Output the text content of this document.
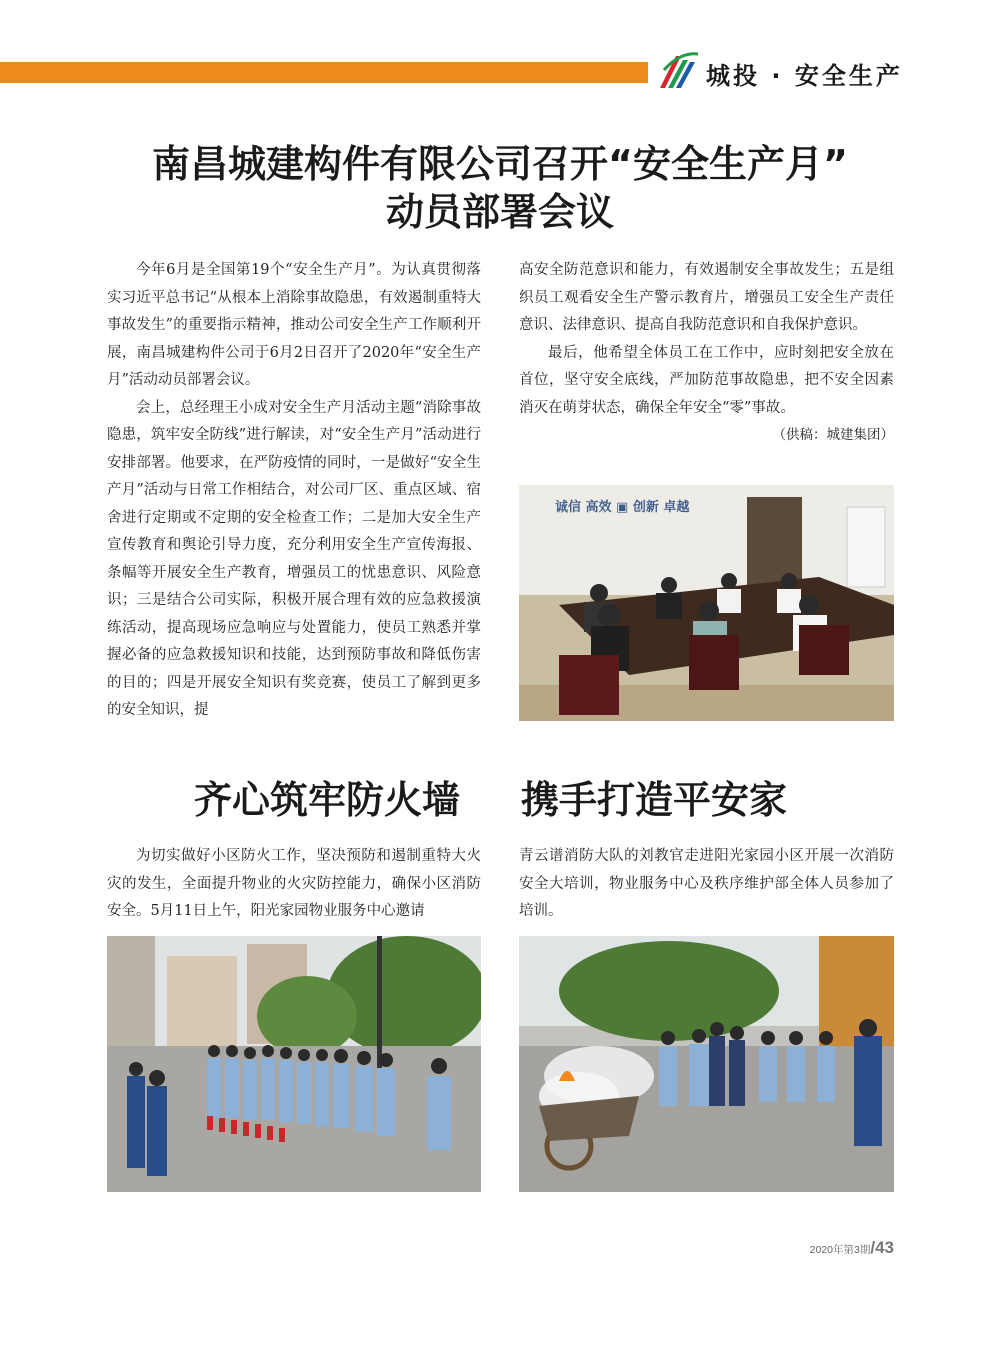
城投 · 安全生产
南昌城建构件有限公司召开“安全生产月”
动员部署会议

今年6月是全国第19个“安全生产月”。为认真贯彻落实习近平总书记“从根本上消除事故隐患，有效遏制重特大事故发生”的重要指示精神，推动公司安全生产工作顺利开展，南昌城建构件公司于6月2日召开了2020年“安全生产月”活动动员部署会议。

会上，总经理王小成对安全生产月活动主题“消除事故隐患，筑牢安全防线”进行解读，对“安全生产月”活动进行安排部署。他要求，在严防疫情的同时，一是做好“安全生产月”活动与日常工作相结合，对公司厂区、重点区域、宿舍进行定期或不定期的安全检查工作；二是加大安全生产宣传教育和舆论引导力度，充分利用安全生产宣传海报、条幅等开展安全生产教育，增强员工的忧患意识、风险意识；三是结合公司实际，积极开展合理有效的应急救援演练活动，提高现场应急响应与处置能力，使员工熟悉并掌握必备的应急救援知识和技能，达到预防事故和降低伤害的目的；四是开展安全知识有奖竞赛，使员工了解到更多的安全知识，提

高安全防范意识和能力，有效遏制安全事故发生；五是组织员工观看安全生产警示教育片，增强员工安全生产责任意识、法律意识、提高自我防范意识和自我保护意识。

最后，他希望全体员工在工作中，应时刻把安全放在首位，坚守安全底线，严加防范事故隐患，把不安全因素消灭在萌芽状态，确保全年安全“零”事故。

（供稿：城建集团）
诚信 高效 ▣ 创新 卓越
齐心筑牢防火墙 携手打造平安家

为切实做好小区防火工作，坚决预防和遏制重特大火灾的发生，全面提升物业的火灾防控能力，确保小区消防安全。5月11日上午，阳光家园物业服务中心邀请

青云谱消防大队的刘教官走进阳光家园小区开展一次消防安全大培训，物业服务中心及秩序维护部全体人员参加了培训。

2020年第3期/43
